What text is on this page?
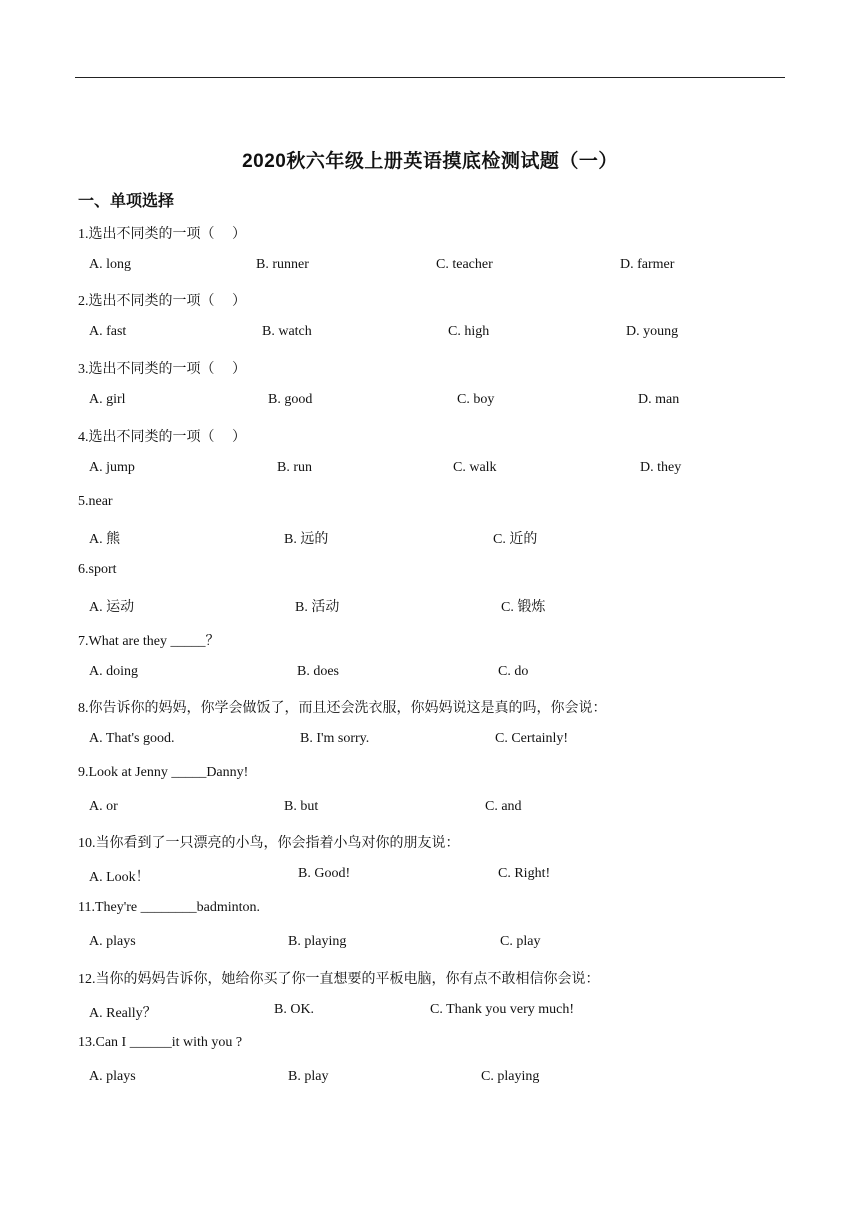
2020秋六年级上册英语摸底检测试题（一）
一、单项选择
1.选出不同类的一项（　 ）
A. long	B. runner	C. teacher	D. farmer
2.选出不同类的一项（　 ）
A. fast	B. watch	C. high	D. young
3.选出不同类的一项（　 ）
A. girl	B. good	C. boy	D. man
4.选出不同类的一项（　 ）
A. jump	B. run	C. walk	D. they
5.near
A. 熊	B. 远的	C. 近的
6.sport
A. 运动	B. 活动	C. 锻炼
7.What are they _____？
A. doing	B. does	C. do
8.你告诉你的妈妈，你学会做饭了，而且还会洗衣服，你妈妈说这是真的吗，你会说：
A. That's good.	B. I'm sorry.	C. Certainly!
9.Look at Jenny _____Danny!
A. or	B. but	C. and
10.当你看到了一只漂亮的小鸟，你会指着小鸟对你的朋友说：
A. Look！	B. Good!	C. Right!
11.They're ________badminton.
A. plays	B. playing	C. play
12.当你的妈妈告诉你，她给你买了你一直想要的平板电脑，你有点不敢相信你会说：
A. Really？	B. OK.	C. Thank you very much!
13.Can I ______it with you ?
A. plays	B. play	C. playing
